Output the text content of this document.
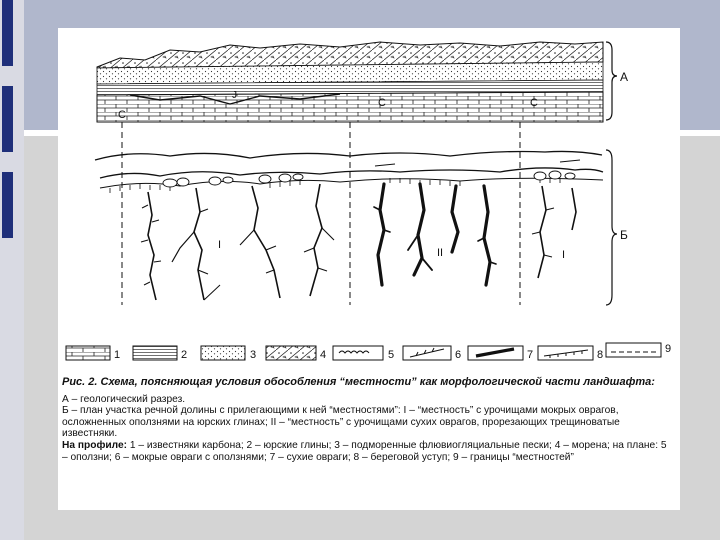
C
C	C
J
А
I
II	I
Б
1	2	3	4	5	6	7	8	9
Рис. 2. Схема, поясняющая условия обособления “местности” как морфологической части ландшафта:
А – геологический разрез.
Б – план участка речной долины с прилегающими к ней “местностями”: I – “местность” с урочищами мокрых оврагов, осложненных оползнями на юрских глинах; II – “местность” с урочищами сухих оврагов, прорезающих трещиноватые известняки.
На профиле: 1 – известняки карбона; 2 – юрские глины; 3 – подморенные флювиогляциальные пески; 4 – морена; на плане: 5 – оползни; 6 – мокрые овраги с оползнями; 7 – сухие овраги; 8 – береговой уступ; 9 – границы “местностей”
